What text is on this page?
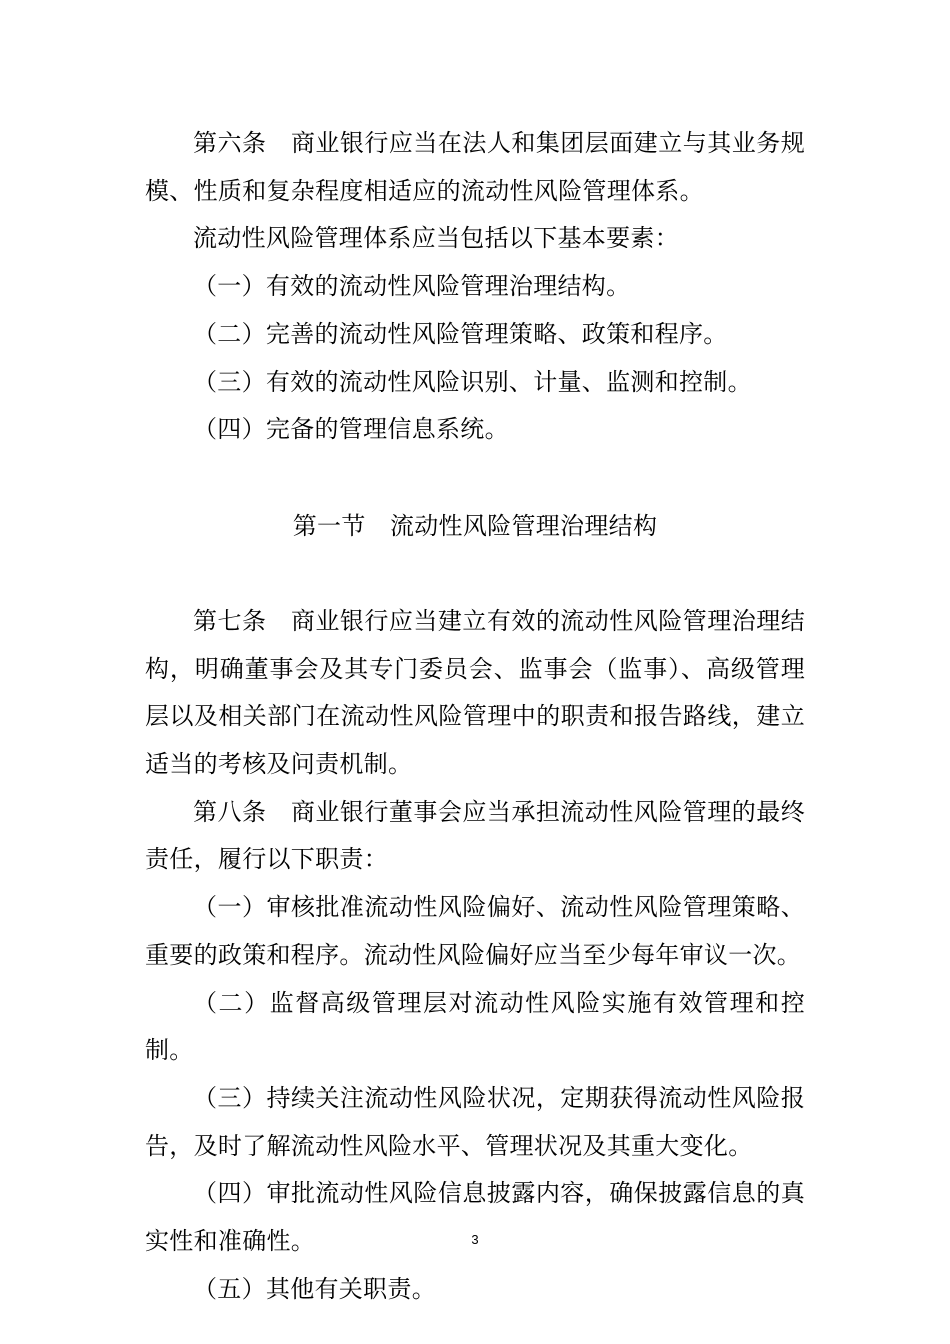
第六条　商业银行应当在法人和集团层面建立与其业务规模、性质和复杂程度相适应的流动性风险管理体系。

流动性风险管理体系应当包括以下基本要素：

（一）有效的流动性风险管理治理结构。

（二）完善的流动性风险管理策略、政策和程序。

（三）有效的流动性风险识别、计量、监测和控制。

（四）完备的管理信息系统。

第一节　流动性风险管理治理结构

第七条　商业银行应当建立有效的流动性风险管理治理结构，明确董事会及其专门委员会、监事会（监事）、高级管理层以及相关部门在流动性风险管理中的职责和报告路线，建立适当的考核及问责机制。

第八条　商业银行董事会应当承担流动性风险管理的最终责任，履行以下职责：

（一）审核批准流动性风险偏好、流动性风险管理策略、重要的政策和程序。流动性风险偏好应当至少每年审议一次。

（二）监督高级管理层对流动性风险实施有效管理和控制。

（三）持续关注流动性风险状况，定期获得流动性风险报告，及时了解流动性风险水平、管理状况及其重大变化。

（四）审批流动性风险信息披露内容，确保披露信息的真实性和准确性。

（五）其他有关职责。

3
